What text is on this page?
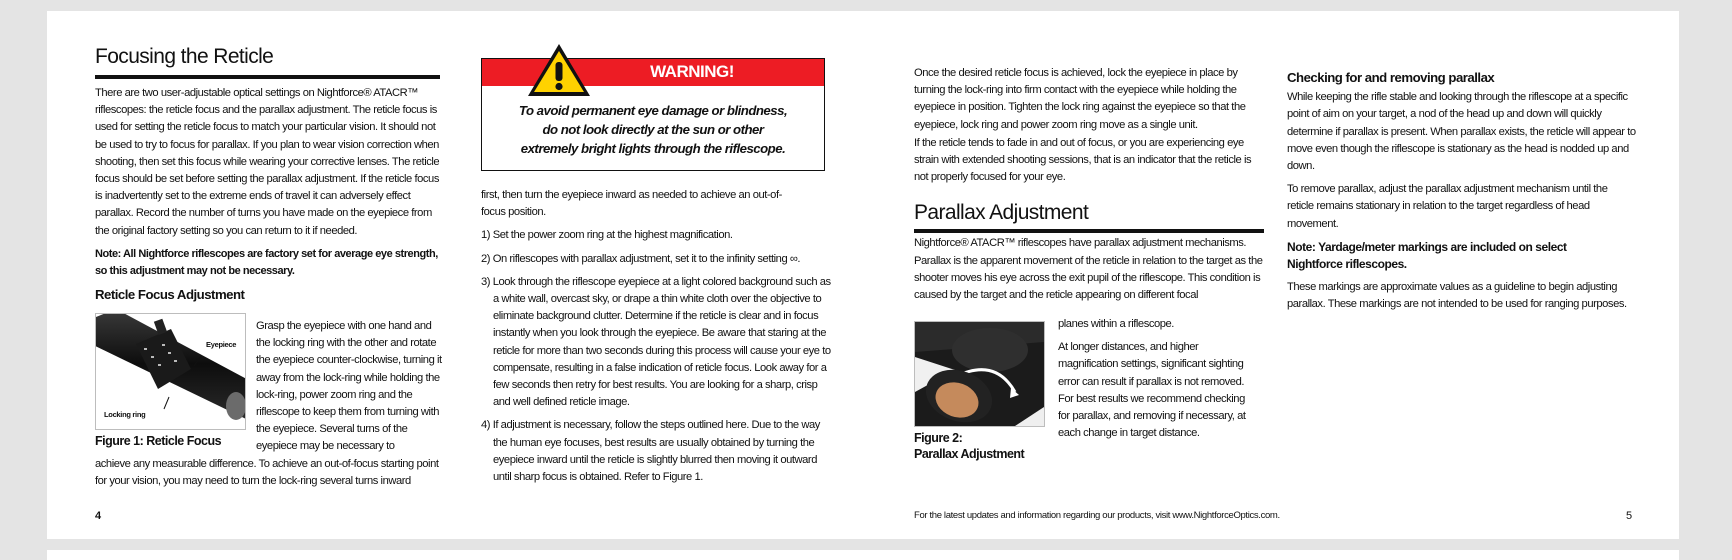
Focusing the Reticle

There are two user-adjustable optical settings on Nightforce® ATACR™ riflescopes: the reticle focus and the parallax adjustment. The reticle focus is used for setting the reticle focus to match your particular vision. It should not be used to try to focus for parallax. If you plan to wear vision correction when shooting, then set this focus while wearing your corrective lenses. The reticle focus should be set before setting the parallax adjustment. If the reticle focus is inadvertently set to the extreme ends of travel it can adversely effect parallax. Record the number of turns you have made on the eyepiece from the original factory setting so you can return to it if needed.

Note: All Nightforce riflescopes are factory set for average eye strength, so this adjustment may not be necessary.

Reticle Focus Adjustment
Eyepiece
Locking ring
Figure 1: Reticle Focus

Grasp the eyepiece with one hand and the locking ring with the other and rotate the eyepiece counter-clockwise, turning it away from the lock-ring while holding the lock-ring, power zoom ring and the riflescope to keep them from turning with the eyepiece. Several turns of the eyepiece may be necessary to

achieve any measurable difference. To achieve an out-of-focus starting point for your vision, you may need to turn the lock-ring several turns inward

4
WARNING!
To avoid permanent eye damage or blindness,
do not look directly at the sun or other
extremely bright lights through the riflescope.

first, then turn the eyepiece inward as needed to achieve an out-of-focus position.

1) Set the power zoom ring at the highest magnification.
2) On riflescopes with parallax adjustment, set it to the infinity setting ∞.
3) Look through the riflescope eyepiece at a light colored background such as a white wall, overcast sky, or drape a thin white cloth over the objective to eliminate background clutter. Determine if the reticle is clear and in focus instantly when you look through the eyepiece. Be aware that staring at the reticle for more than two seconds during this process will cause your eye to compensate, resulting in a false indication of reticle focus. Look away for a few seconds then retry for best results. You are looking for a sharp, crisp and well defined reticle image.
4) If adjustment is necessary, follow the steps outlined here. Due to the way the human eye focuses, best results are usually obtained by turning the eyepiece inward until the reticle is slightly blurred then moving it outward until sharp focus is obtained. Refer to Figure 1.

Once the desired reticle focus is achieved, lock the eyepiece in place by turning the lock-ring into firm contact with the eyepiece while holding the eyepiece in position. Tighten the lock ring against the eyepiece so that the eyepiece, lock ring and power zoom ring move as a single unit.

If the reticle tends to fade in and out of focus, or you are experiencing eye strain with extended shooting sessions, that is an indicator that the reticle is not properly focused for your eye.

Parallax Adjustment

Nightforce® ATACR™ riflescopes have parallax adjustment mechanisms. Parallax is the apparent movement of the reticle in relation to the target as the shooter moves his eye across the exit pupil of the riflescope. This condition is caused by the target and the reticle appearing on different focal

Figure 2:
Parallax Adjustment

planes within a riflescope.

At longer distances, and higher magnification settings, significant sighting error can result if parallax is not removed. For best results we recommend checking for parallax, and removing if necessary, at each change in target distance.

Checking for and removing parallax

While keeping the rifle stable and looking through the riflescope at a specific point of aim on your target, a nod of the head up and down will quickly determine if parallax is present. When parallax exists, the reticle will appear to move even though the riflescope is stationary as the head is nodded up and down.

To remove parallax, adjust the parallax adjustment mechanism until the reticle remains stationary in relation to the target regardless of head movement.

Note: Yardage/meter markings are included on select Nightforce riflescopes.

These markings are approximate values as a guideline to begin adjusting parallax. These markings are not intended to be used for ranging purposes.

For the latest updates and information regarding our products, visit www.NightforceOptics.com.	5
